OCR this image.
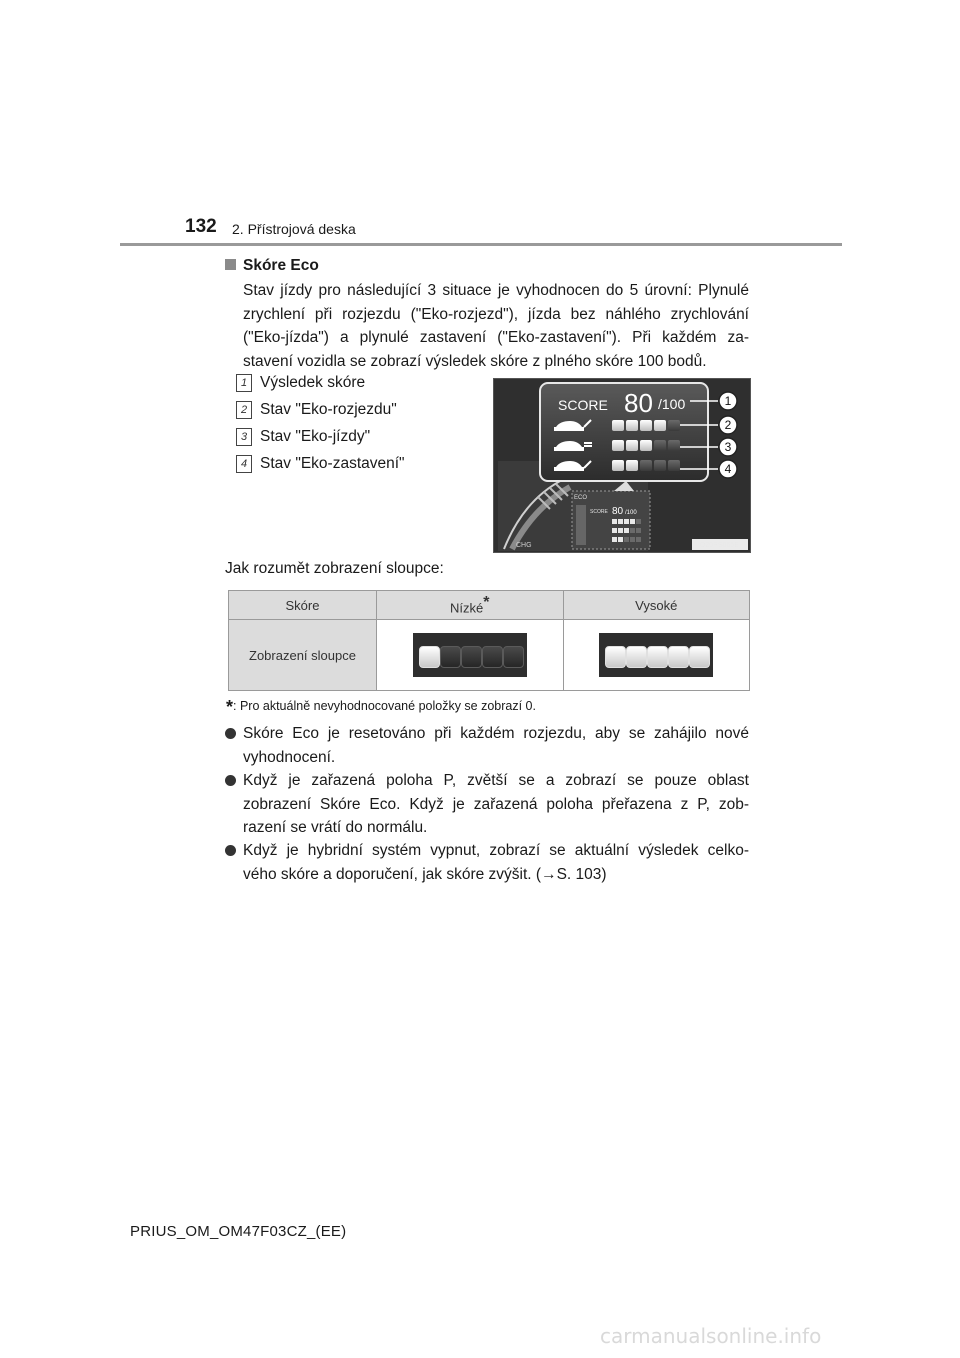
132 2. Přístrojová deska
Skóre Eco
Stav jízdy pro následující 3 situace je vyhodnocen do 5 úrovní: Plynulé
zrychlení při rozjezdu ("Eko-rozjezd"), jízda bez náhlého zrychlování
("Eko-jízda") a plynulé zastavení ("Eko-zastavení"). Při každém za-
stavení vozidla se zobrazí výsledek skóre z plného skóre 100 bodů.
1 Výsledek skóre
2 Stav "Eko-rozjezdu"
3 Stav "Eko-jízdy"
4 Stav "Eko-zastavení"
CHG
ECO
SCORE 80 /100
SCORE 80 /100	1
2
3
4
Jak rozumět zobrazení sloupce:
Skóre	Nízké*	Vysoké
Zobrazení sloupce	

*: Pro aktuálně nevyhodnocované položky se zobrazí 0.
Skóre Eco je resetováno při každém rozjezdu, aby se zahájilo nové
vyhodnocení.
Když je zařazená poloha P, zvětší se a zobrazí se pouze oblast
zobrazení Skóre Eco. Když je zařazená poloha přeřazena z P, zob-
razení se vrátí do normálu.
Když je hybridní systém vypnut, zobrazí se aktuální výsledek celko-
vého skóre a doporučení, jak skóre zvýšit. (→S. 103)
PRIUS_OM_OM47F03CZ_(EE)
carmanualsonline.info
